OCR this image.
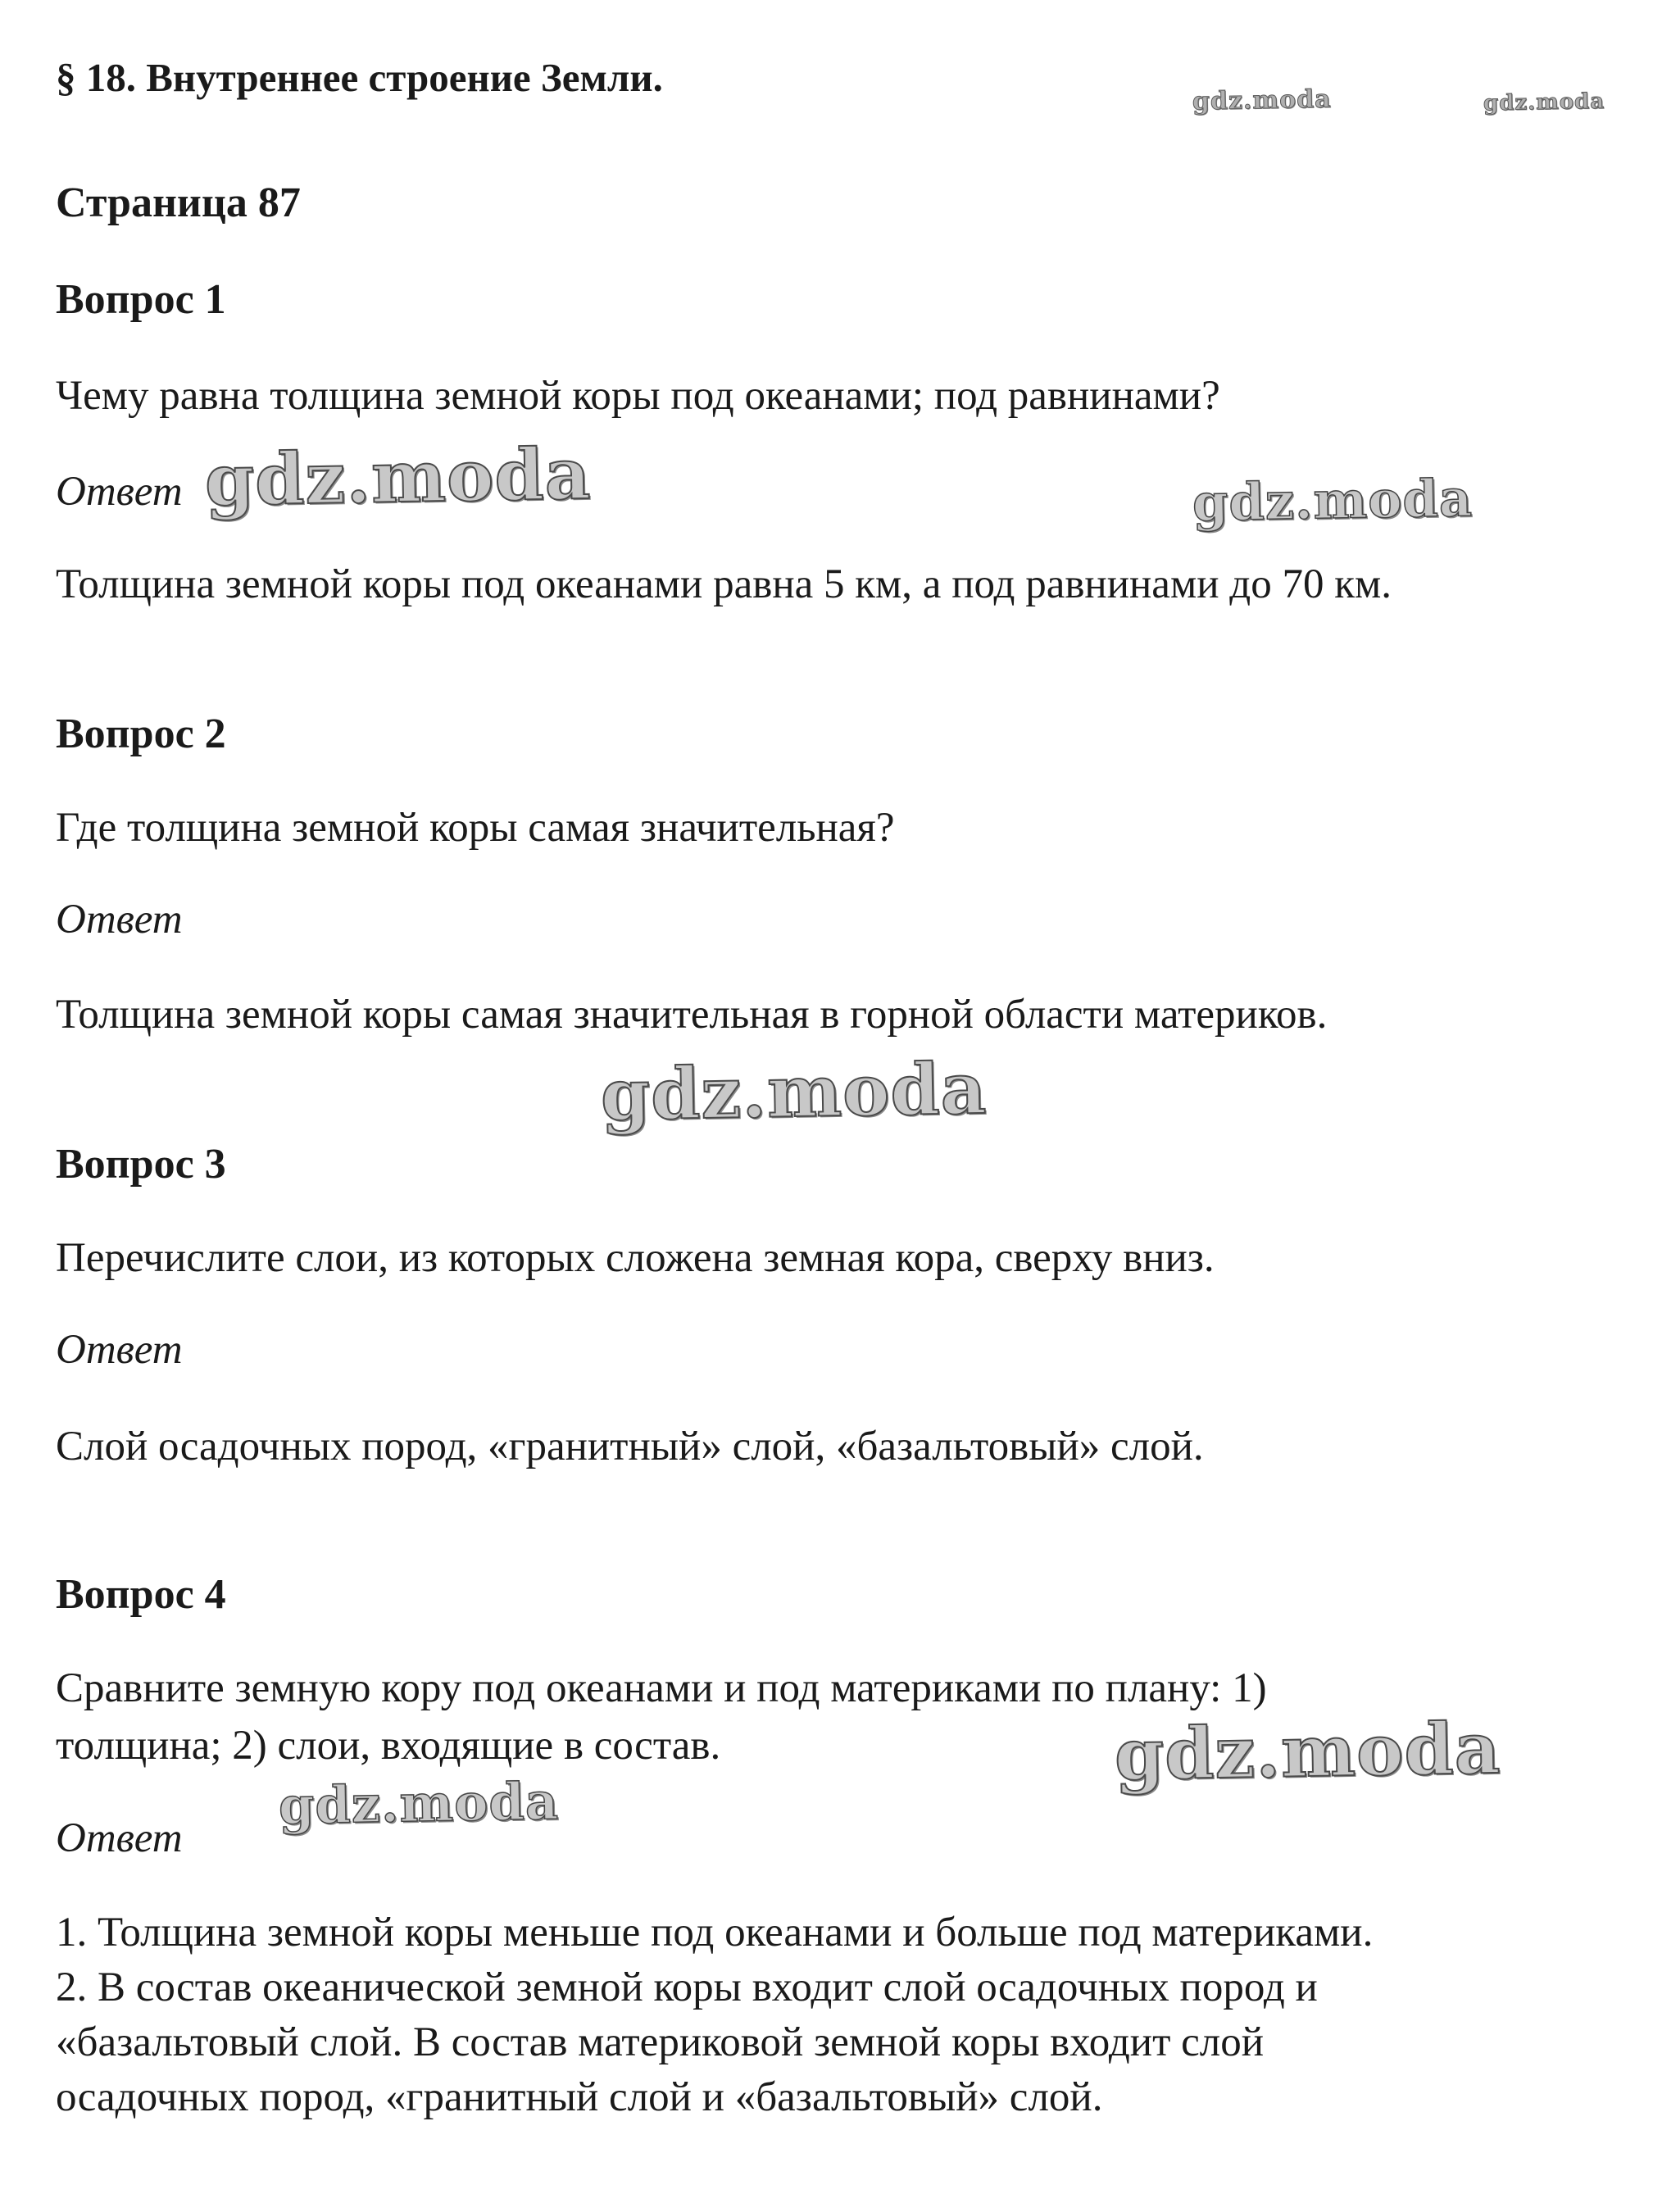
§ 18. Внутреннее строение Земли.
Страница 87
Вопрос 1
Чему равна толщина земной коры под океанами; под равнинами?
Ответ
Толщина земной коры под океанами равна 5 км, а под равнинами до 70 км.
Вопрос 2
Где толщина земной коры самая значительная?
Ответ
Толщина земной коры самая значительная в горной области материков.
Вопрос 3
Перечислите слои, из которых сложена земная кора, сверху вниз.
Ответ
Слой осадочных пород, «гранитный» слой, «базальтовый» слой.
Вопрос 4
Сравните земную кору под океанами и под материками по плану: 1)
толщина; 2) слои, входящие в состав.
Ответ
1. Толщина земной коры меньше под океанами и больше под материками.
2. В состав океанической земной коры входит слой осадочных пород и
«базальтовый слой. В состав материковой земной коры входит слой
осадочных пород, «гранитный слой и «базальтовый» слой.
gdz.moda	gdz.moda
gdz.moda	gdz.moda
gdz.moda
gdz.moda
gdz.moda
